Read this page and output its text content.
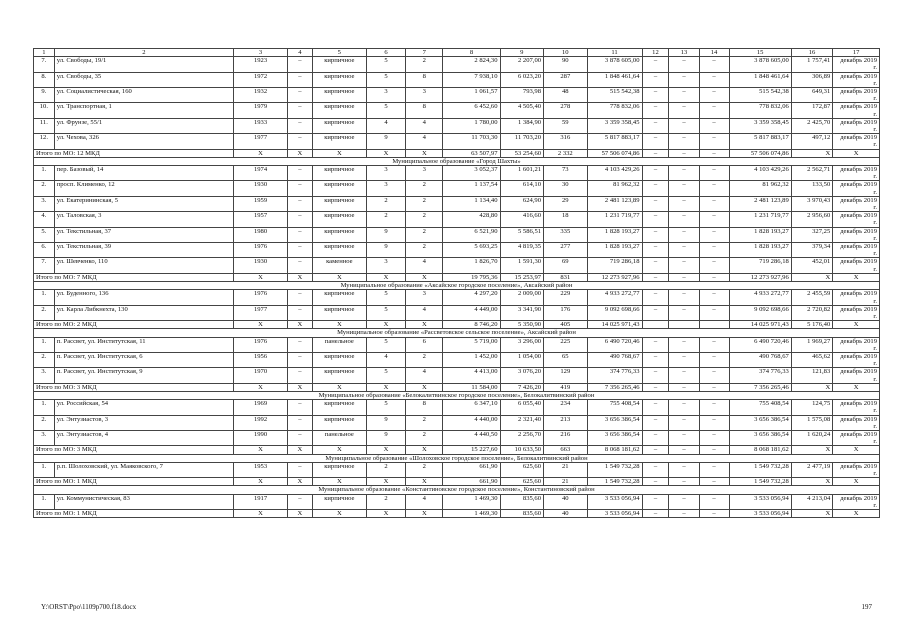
1	2	3	4	5	6	7	8	9	10	11	12	13	14	15	16	17
7.	ул. Свободы, 19/1	1923	–	кирпичное	5	2	2 824,30	2 207,00	90	3 878 605,00	–	–	–	3 878 605,00	1 757,41	декабрь 2019 г.
8.	ул. Свободы, 35	1972	–	кирпичное	5	8	7 938,10	6 023,20	287	1 848 461,64	–	–	–	1 848 461,64	306,89	декабрь 2019 г.
9.	ул. Социалистическая, 160	1932	–	кирпичное	3	3	1 061,57	793,98	48	515 542,38	–	–	–	515 542,38	649,31	декабрь 2019 г.
10.	ул. Транспортная, 1	1979	–	кирпичное	5	8	6 452,60	4 505,40	278	778 832,06	–	–	–	778 832,06	172,87	декабрь 2019 г.
11.	ул. Фрунзе, 55/1	1933	–	кирпичное	4	4	1 780,00	1 384,90	59	3 359 358,45	–	–	–	3 359 358,45	2 425,70	декабрь 2019 г.
12.	ул. Чехова, 326	1977	–	кирпичное	9	4	11 703,30	11 703,20	316	5 817 883,17	–	–	–	5 817 883,17	497,12	декабрь 2019 г.
Итого по МО: 12 МКД		Х	Х	Х	Х	Х	63 507,97	53 254,60	2 332	57 506 074,86	–	–	–	57 506 074,86	Х	Х
Муниципальное образование «Город Шахты»																
1.	пер. Базовый, 14	1974	–	кирпичное	3	3	3 052,37	1 601,21	73	4 103 429,26	–	–	–	4 103 429,26	2 562,71	декабрь 2019 г.
2.	просп. Клименко, 12	1930	–	кирпичное	3	2	1 137,54	614,10	30	81 962,32	–	–	–	81 962,32	133,50	декабрь 2019 г.
3.	ул. Екатерининская, 5	1959	–	кирпичное	2	2	1 134,40	624,90	29	2 481 123,89	–	–	–	2 481 123,89	3 970,43	декабрь 2019 г.
4.	ул. Таловская, 3	1957	–	кирпичное	2	2	428,80	416,60	18	1 231 719,77	–	–	–	1 231 719,77	2 956,60	декабрь 2019 г.
5.	ул. Текстильная, 37	1980	–	кирпичное	9	2	6 521,90	5 586,51	335	1 828 193,27	–	–	–	1 828 193,27	327,25	декабрь 2019 г.
6.	ул. Текстильная, 39	1976	–	кирпичное	9	2	5 693,25	4 819,35	277	1 828 193,27	–	–	–	1 828 193,27	379,34	декабрь 2019 г.
7.	ул. Шевченко, 110	1930	–	каменное	3	4	1 826,70	1 591,30	69	719 286,18	–	–	–	719 286,18	452,01	декабрь 2019 г.
Итого по МО: 7 МКД		Х	Х	Х	Х	Х	19 795,36	15 253,97	831	12 273 927,96	–	–	–	12 273 927,96	Х	Х
Муниципальное образование «Аксайское городское поселение», Аксайский район																
1.	ул. Буденного, 136	1976	–	кирпичное	5	3	4 297,20	2 009,00	229	4 933 272,77	–	–	–	4 933 272,77	2 455,59	декабрь 2019 г.
2.	ул. Карла Либкнехта, 130	1977	–	кирпичное	5	4	4 449,00	3 341,90	176	9 092 698,66	–	–	–	9 092 698,66	2 720,82	декабрь 2019 г.
Итого по МО: 2 МКД		Х	Х	Х	Х	Х	8 746,20	5 350,90	405	14 025 971,43				14 025 971,43	5 176,40	Х
Муниципальное образование «Рассветовское сельское поселение», Аксайский район																
1.	п. Рассвет, ул. Институтская, 11	1976	–	панельное	5	6	5 719,00	3 296,00	225	6 490 720,46	–	–	–	6 490 720,46	1 969,27	декабрь 2019 г.
2.	п. Рассвет, ул. Институтская, 6	1956	–	кирпичное	4	2	1 452,00	1 054,00	65	490 768,67	–	–	–	490 768,67	465,62	декабрь 2019 г.
3.	п. Рассвет, ул. Институтская, 9	1970	–	кирпичное	5	4	4 413,00	3 076,20	129	374 776,33	–	–	–	374 776,33	121,83	декабрь 2019 г.
Итого по МО: 3 МКД		Х	Х	Х	Х	Х	11 584,00	7 426,20	419	7 356 265,46	–	–	–	7 356 265,46	Х	Х
Муниципальное образование «Белокалитвинское городское поселение», Белокалитвинский район																
1.	ул. Российская, 54	1969	–	кирпичное	5	8	6 347,10	6 055,40	234	755 408,54	–	–	–	755 408,54	124,75	декабрь 2019 г.
2.	ул. Энтузиастов, 3	1992	–	кирпичное	9	2	4 440,00	2 321,40	213	3 656 386,54	–	–	–	3 656 386,54	1 575,08	декабрь 2019 г.
3.	ул. Энтузиастов, 4	1990	–	панельное	9	2	4 440,50	2 256,70	216	3 656 386,54	–	–	–	3 656 386,54	1 620,24	декабрь 2019 г.
Итого по МО: 3 МКД		Х	Х	Х	Х	Х	15 227,60	10 633,50	663	8 068 181,62	–	–	–	8 068 181,62	Х	Х
Муниципальное образование «Шолоховское городское поселение», Белокалитвинский район																
1.	р.п. Шолоховский, ул. Маяковского, 7	1953	–	кирпичное	2	2	661,90	625,60	21	1 549 732,28	–	–	–	1 549 732,28	2 477,19	декабрь 2019 г.
Итого по МО: 1 МКД		Х	Х	Х	Х	Х	661,90	625,60	21	1 549 732,28	–	–	–	1 549 732,28	Х	Х
Муниципальное образование «Константиновское городское поселение», Константиновский район																
1.	ул. Коммунистическая, 83	1917	–	кирпичное	2	4	1 469,30	835,60	40	3 533 056,94	–	–	–	3 533 056,94	4 213,04	декабрь 2019 г.
Итого по МО: 1 МКД		Х	Х	Х	Х	Х	1 469,30	835,60	40	3 533 056,94	–	–	–	3 533 056,94	Х	Х
Y:\ORST\Ppo\1109p700.f18.docx	197
